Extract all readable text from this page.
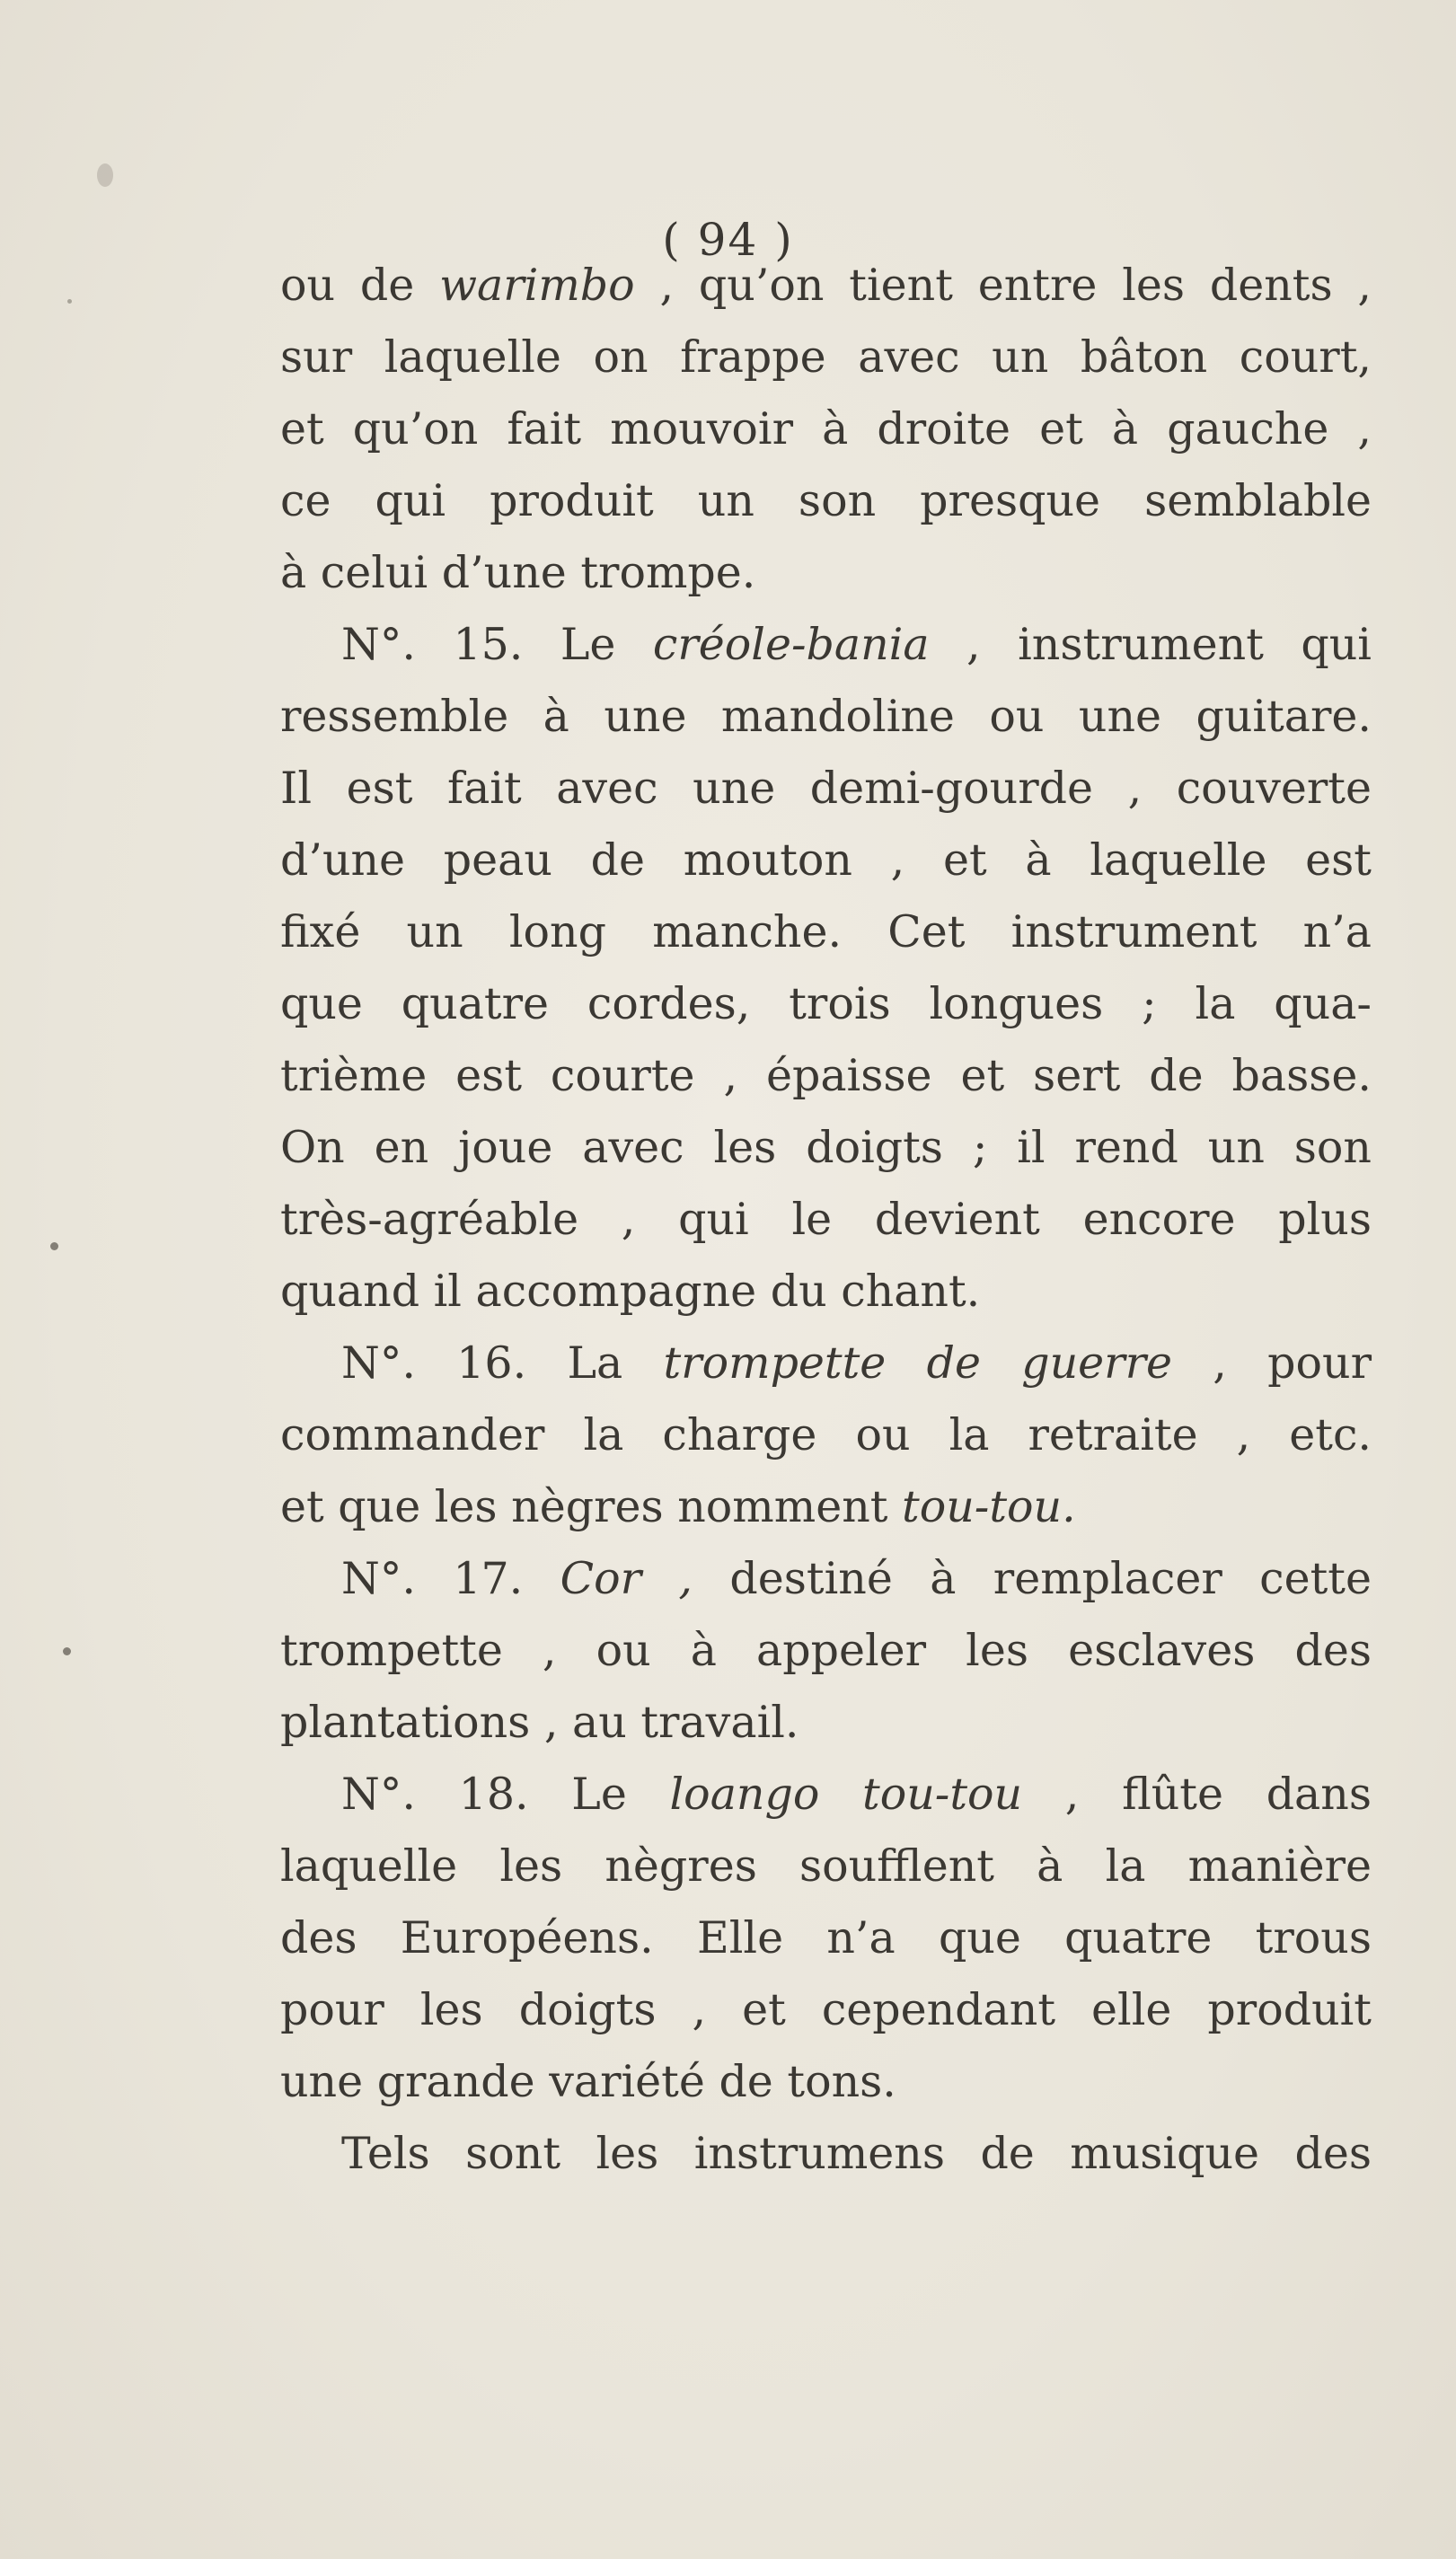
( 94 )
ou de warimbo , qu’on tient entre les dents ,
sur laquelle on frappe avec un bâton court,
et qu’on fait mouvoir à droite et à gauche ,
ce qui produit un son presque semblable
à celui d’une trompe.
N°. 15. Le créole-bania , instrument qui
ressemble à une mandoline ou une guitare.
Il est fait avec une demi-gourde , couverte
d’une peau de mouton , et à laquelle est
fixé un long manche. Cet instrument n’a
que quatre cordes, trois longues ; la qua-
trième est courte , épaisse et sert de basse.
On en joue avec les doigts ; il rend un son
très-agréable , qui le devient encore plus
quand il accompagne du chant.
N°. 16. La trompette de guerre , pour
commander la charge ou la retraite , etc.
et que les nègres nomment tou-tou.
N°. 17. Cor , destiné à remplacer cette
trompette , ou à appeler les esclaves des
plantations , au travail.
N°. 18. Le loango tou-tou , flûte dans
laquelle les nègres soufflent à la manière
des Européens. Elle n’a que quatre trous
pour les doigts , et cependant elle produit
une grande variété de tons.
Tels sont les instrumens de musique des
